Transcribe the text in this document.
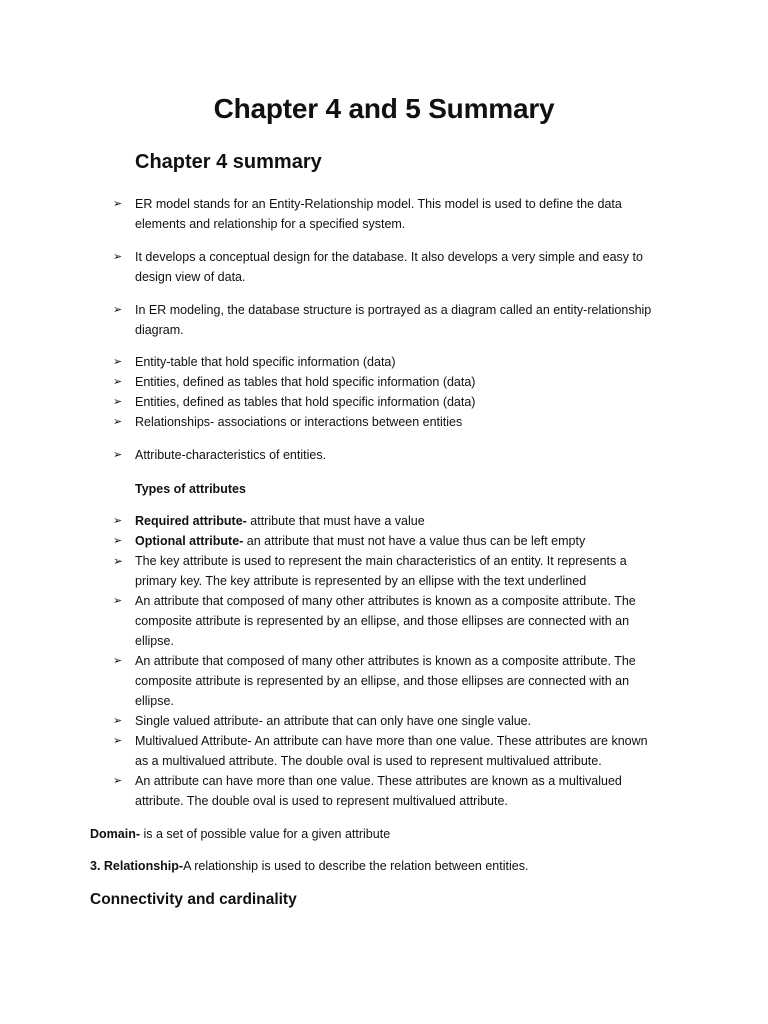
Chapter 4 and 5 Summary
Chapter 4 summary
➢ ER model stands for an Entity-Relationship model. This model is used to define the data
elements and relationship for a specified system.
➢ It develops a conceptual design for the database. It also develops a very simple and easy to
design view of data.
➢ In ER modeling, the database structure is portrayed as a diagram called an entity-relationship
diagram.
➢ Entity-table that hold specific information (data)
➢ Entities, defined as tables that hold specific information (data)
➢ Entities, defined as tables that hold specific information (data)
➢ Relationships- associations or interactions between entities
➢ Attribute-characteristics of entities.
Types of attributes
➢ Required attribute- attribute that must have a value
➢ Optional attribute- an attribute that must not have a value thus can be left empty
➢ The key attribute is used to represent the main characteristics of an entity. It represents a
primary key. The key attribute is represented by an ellipse with the text underlined
➢ An attribute that composed of many other attributes is known as a composite attribute. The
composite attribute is represented by an ellipse, and those ellipses are connected with an
ellipse.
➢ An attribute that composed of many other attributes is known as a composite attribute. The
composite attribute is represented by an ellipse, and those ellipses are connected with an
ellipse.
➢ Single valued attribute- an attribute that can only have one single value.
➢ Multivalued Attribute- An attribute can have more than one value. These attributes are known
as a multivalued attribute. The double oval is used to represent multivalued attribute.
➢ An attribute can have more than one value. These attributes are known as a multivalued
attribute. The double oval is used to represent multivalued attribute.
Domain- is a set of possible value for a given attribute
3. Relationship-A relationship is used to describe the relation between entities.
Connectivity and cardinality
